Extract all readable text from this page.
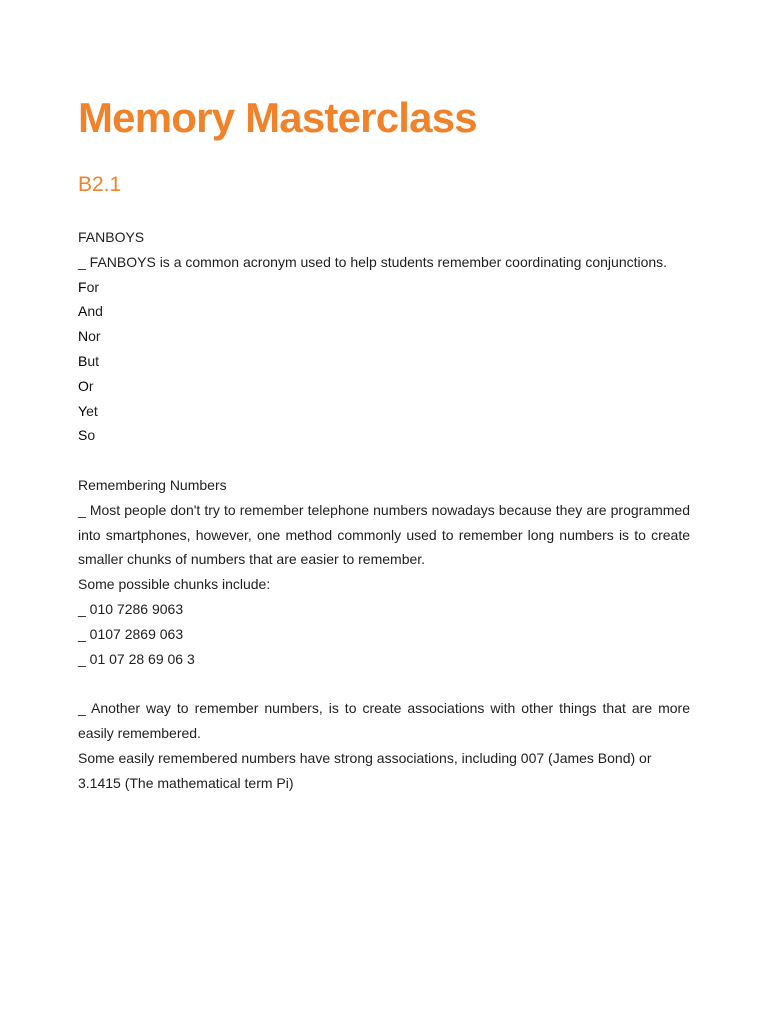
Memory Masterclass
B2.1
FANBOYS
_ FANBOYS is a common acronym used to help students remember coordinating conjunctions.
For
And
Nor
But
Or
Yet
So
Remembering Numbers
_ Most people don't try to remember telephone numbers nowadays because they are programmed into smartphones, however, one method commonly used to remember long numbers is to create smaller chunks of numbers that are easier to remember.
Some possible chunks include:
_ 010 7286 9063
_ 0107 2869 063
_ 01 07 28 69 06 3
_ Another way to remember numbers, is to create associations with other things that are more easily remembered.
Some easily remembered numbers have strong associations, including 007 (James Bond) or 3.1415 (The mathematical term Pi)
